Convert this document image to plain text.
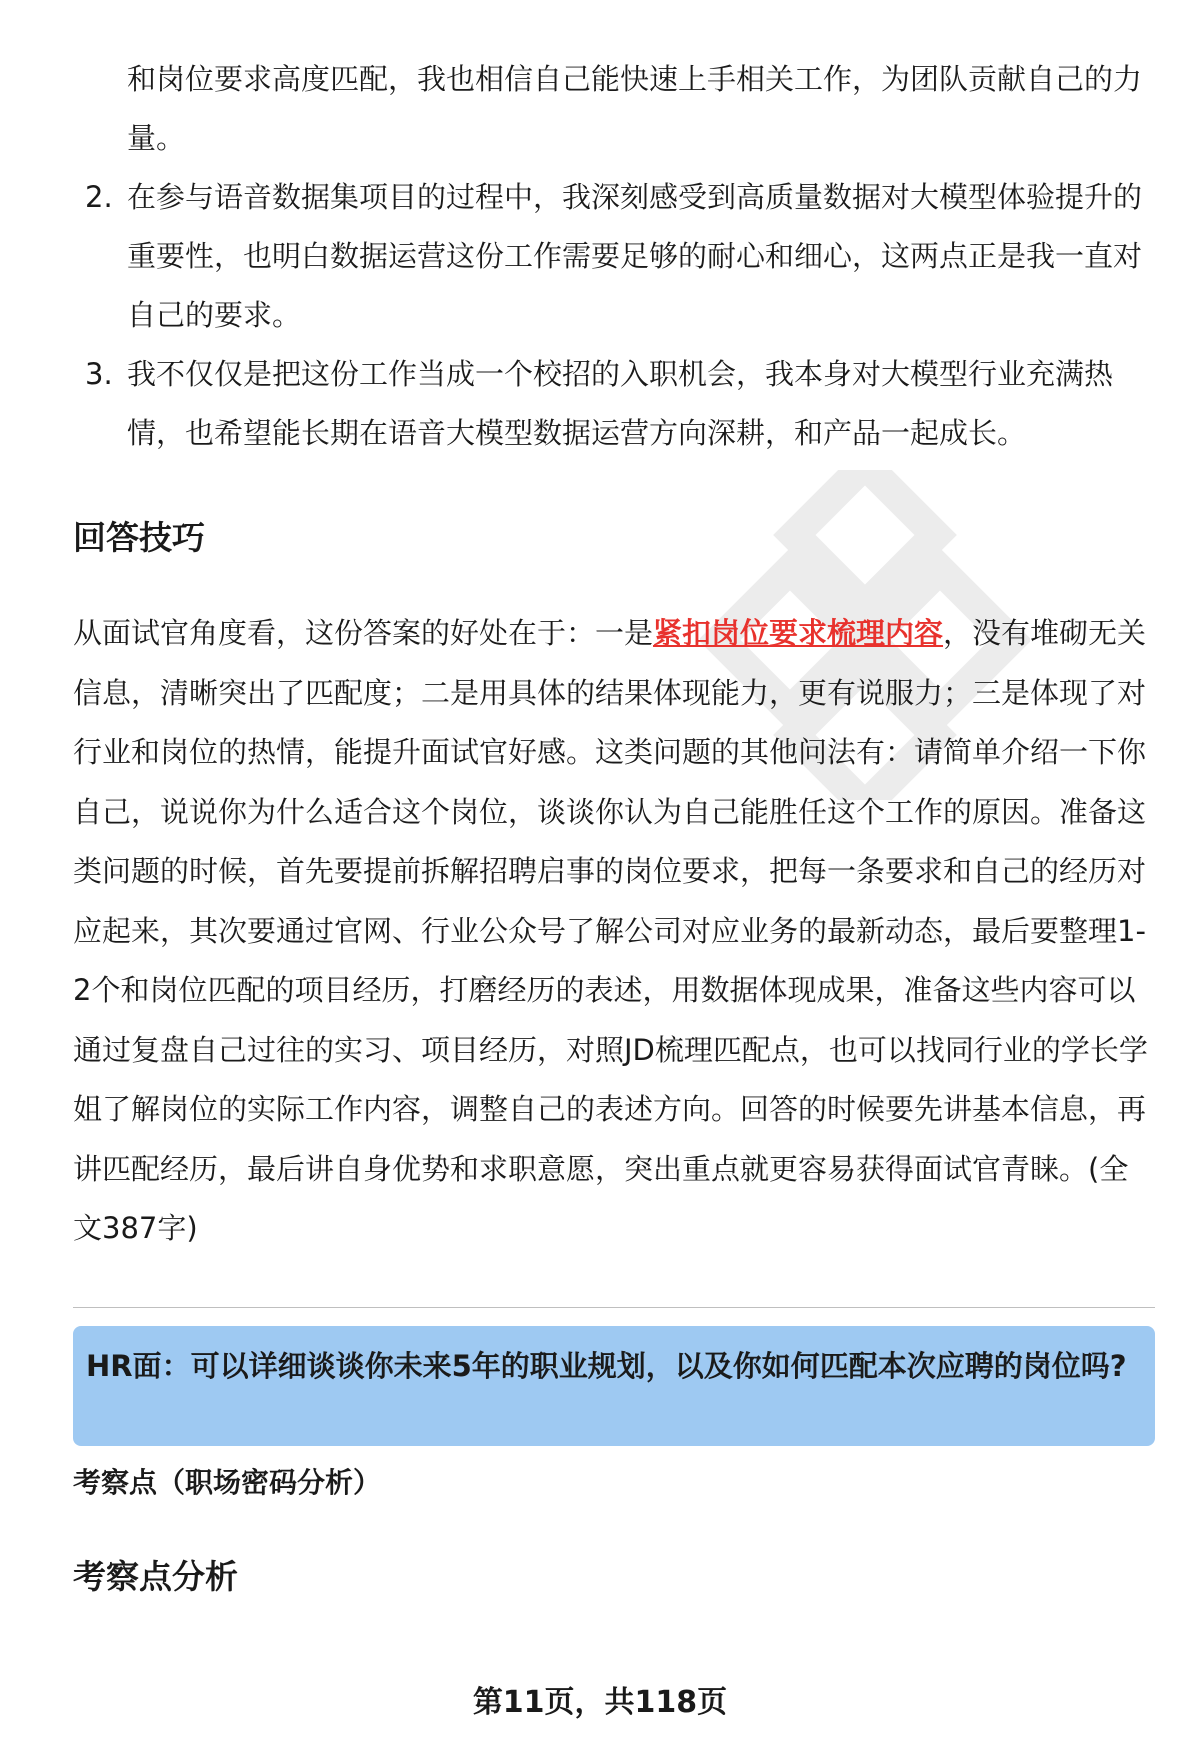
和岗位要求高度匹配，我也相信自己能快速上手相关工作，为团队贡献自己的力量。
2. 在参与语音数据集项目的过程中，我深刻感受到高质量数据对大模型体验提升的重要性，也明白数据运营这份工作需要足够的耐心和细心，这两点正是我一直对自己的要求。
3. 我不仅仅是把这份工作当成一个校招的入职机会，我本身对大模型行业充满热情，也希望能长期在语音大模型数据运营方向深耕，和产品一起成长。
回答技巧

从面试官角度看，这份答案的好处在于：一是紧扣岗位要求梳理内容，没有堆砌无关信息，清晰突出了匹配度；二是用具体的结果体现能力，更有说服力；三是体现了对行业和岗位的热情，能提升面试官好感。这类问题的其他问法有：请简单介绍一下你自己，说说你为什么适合这个岗位，谈谈你认为自己能胜任这个工作的原因。准备这类问题的时候，首先要提前拆解招聘启事的岗位要求，把每一条要求和自己的经历对应起来，其次要通过官网、行业公众号了解公司对应业务的最新动态，最后要整理1-2个和岗位匹配的项目经历，打磨经历的表述，用数据体现成果，准备这些内容可以通过复盘自己过往的实习、项目经历，对照JD梳理匹配点，也可以找同行业的学长学姐了解岗位的实际工作内容，调整自己的表述方向。回答的时候要先讲基本信息，再讲匹配经历，最后讲自身优势和求职意愿，突出重点就更容易获得面试官青睐。(全文387字)

HR面：可以详细谈谈你未来5年的职业规划，以及你如何匹配本次应聘的岗位吗?

考察点（职场密码分析）

考察点分析
第11页，共118页
